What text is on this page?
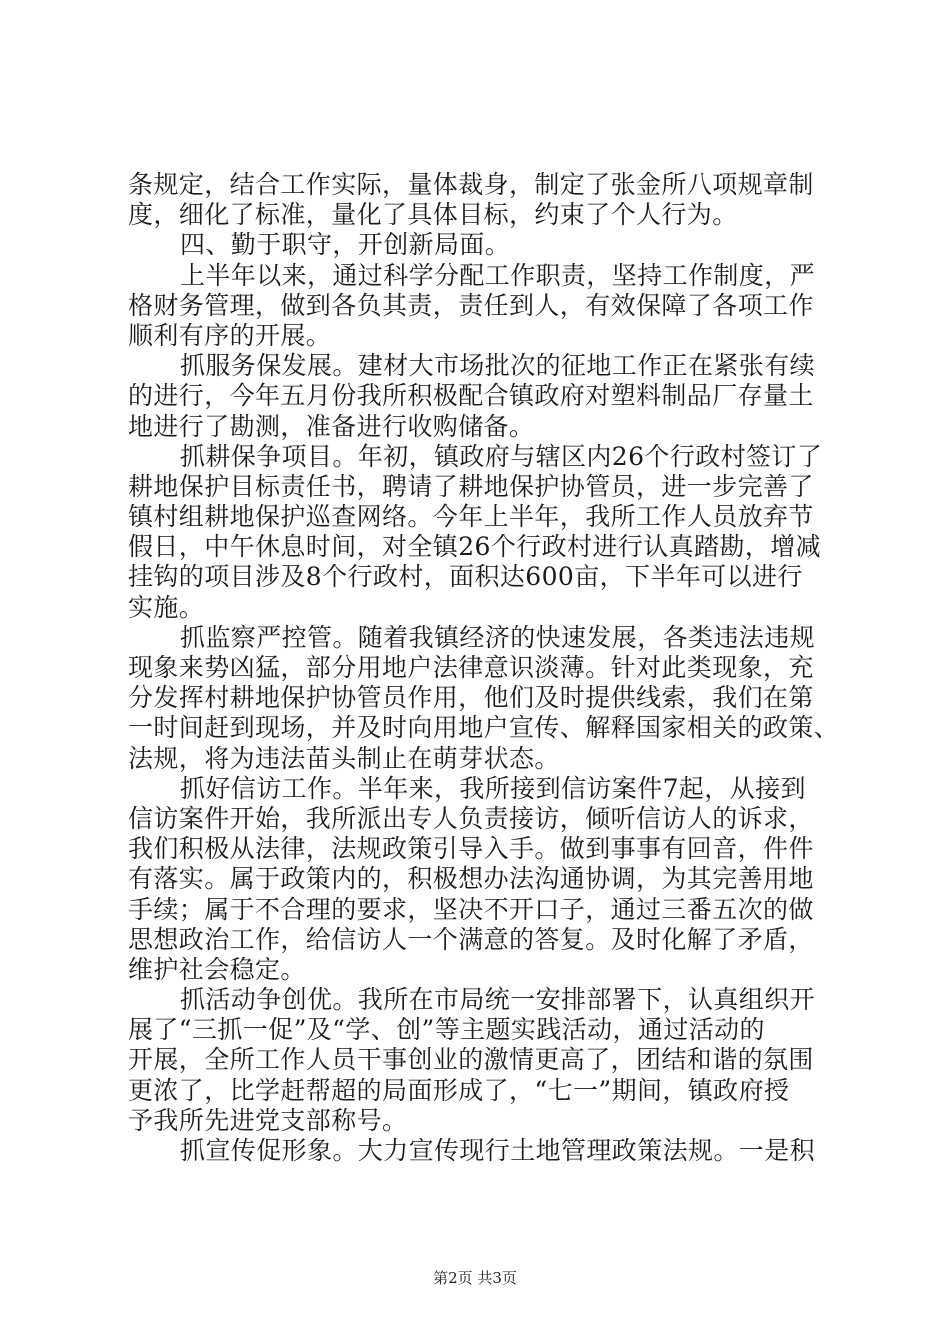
条规定，结合工作实际，量体裁身，制定了张金所八项规章制
度，细化了标准，量化了具体目标，约束了个人行为。
四、勤于职守，开创新局面。
上半年以来，通过科学分配工作职责，坚持工作制度，严
格财务管理，做到各负其责，责任到人，有效保障了各项工作
顺利有序的开展。
抓服务保发展。建材大市场批次的征地工作正在紧张有续
的进行，今年五月份我所积极配合镇政府对塑料制品厂存量土
地进行了勘测，准备进行收购储备。
抓耕保争项目。年初，镇政府与辖区内26个行政村签订了
耕地保护目标责任书，聘请了耕地保护协管员，进一步完善了
镇村组耕地保护巡查网络。今年上半年，我所工作人员放弃节
假日，中午休息时间，对全镇26个行政村进行认真踏勘，增减
挂钩的项目涉及8个行政村，面积达600亩，下半年可以进行
实施。
抓监察严控管。随着我镇经济的快速发展，各类违法违规
现象来势凶猛，部分用地户法律意识淡薄。针对此类现象，充
分发挥村耕地保护协管员作用，他们及时提供线索，我们在第
一时间赶到现场，并及时向用地户宣传、解释国家相关的政策、
法规，将为违法苗头制止在萌芽状态。
抓好信访工作。半年来，我所接到信访案件7起，从接到
信访案件开始，我所派出专人负责接访，倾听信访人的诉求，
我们积极从法律，法规政策引导入手。做到事事有回音，件件
有落实。属于政策内的，积极想办法沟通协调，为其完善用地
手续；属于不合理的要求，坚决不开口子，通过三番五次的做
思想政治工作，给信访人一个满意的答复。及时化解了矛盾，
维护社会稳定。
抓活动争创优。我所在市局统一安排部署下，认真组织开
展了“三抓一促”及“学、创”等主题实践活动，通过活动的
开展，全所工作人员干事创业的激情更高了，团结和谐的氛围
更浓了，比学赶帮超的局面形成了，“七一”期间，镇政府授
予我所先进党支部称号。
抓宣传促形象。大力宣传现行土地管理政策法规。一是积
第2页 共3页
